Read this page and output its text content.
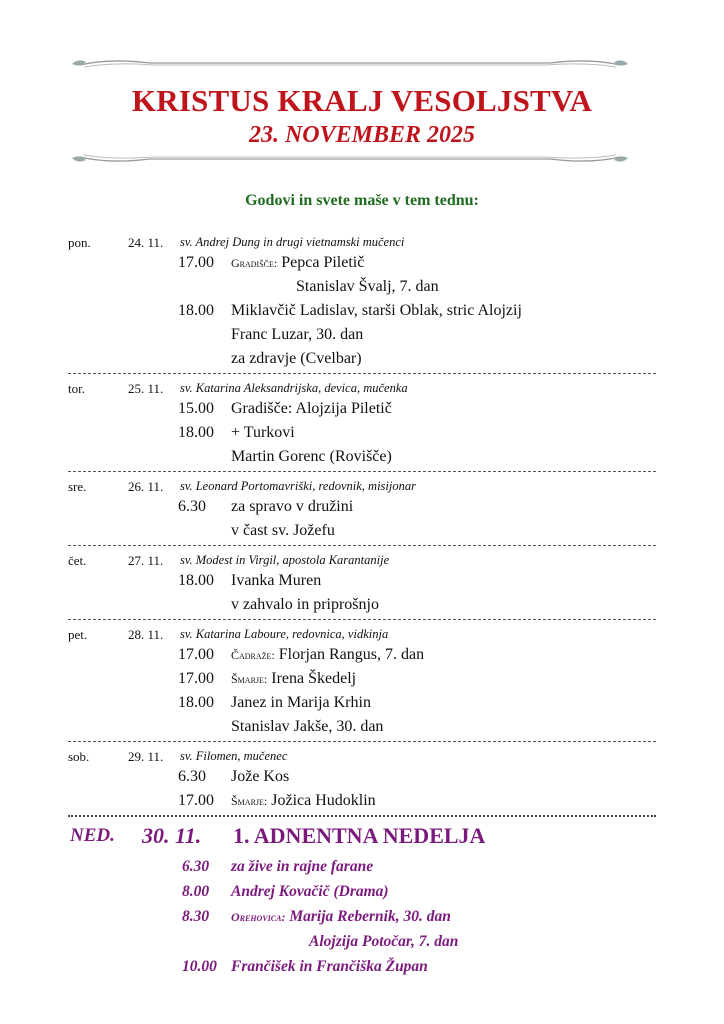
KRISTUS KRALJ VESOLJSTVA
23. NOVEMBER 2025
Godovi in svete maše v tem tednu:
pon.	24. 11. sv. Andrej Dung in drugi vietnamski mučenci
17.00 Gradišče: Pepca Piletič
Stanislav Švalj, 7. dan
18.00 Miklavčič Ladislav, starši Oblak, stric Alojzij
Franc Luzar, 30. dan
za zdravje (Cvelbar)
tor.	25. 11. sv. Katarina Aleksandrijska, devica, mučenka
15.00 Gradišče: Alojzija Piletič
18.00 + Turkovi
Martin Gorenc (Rovišče)
sre.	26. 11. sv. Leonard Portomavriški, redovnik, misijonar
6.30 za spravo v družini
v čast sv. Jožefu
čet.	27. 11. sv. Modest in Virgil, apostola Karantanije
18.00 Ivanka Muren
v zahvalo in priprošnjo
pet.	28. 11. sv. Katarina Laboure, redovnica, vidkinja
17.00 Čadraže: Florjan Rangus, 7. dan
17.00 Šmarje: Irena Škedelj
18.00 Janez in Marija Krhin
Stanislav Jakše, 30. dan
sob.	29. 11. sv. Filomen, mučenec
6.30 Jože Kos
17.00 Šmarje: Jožica Hudoklin
NED. 30. 11. 1. ADNENTNA NEDELJA
6.30 za žive in rajne farane
8.00 Andrej Kovačič (Drama)
8.30 Orehovica: Marija Rebernik, 30. dan
Alojzija Potočar, 7. dan
10.00 Frančišek in Frančiška Župan
